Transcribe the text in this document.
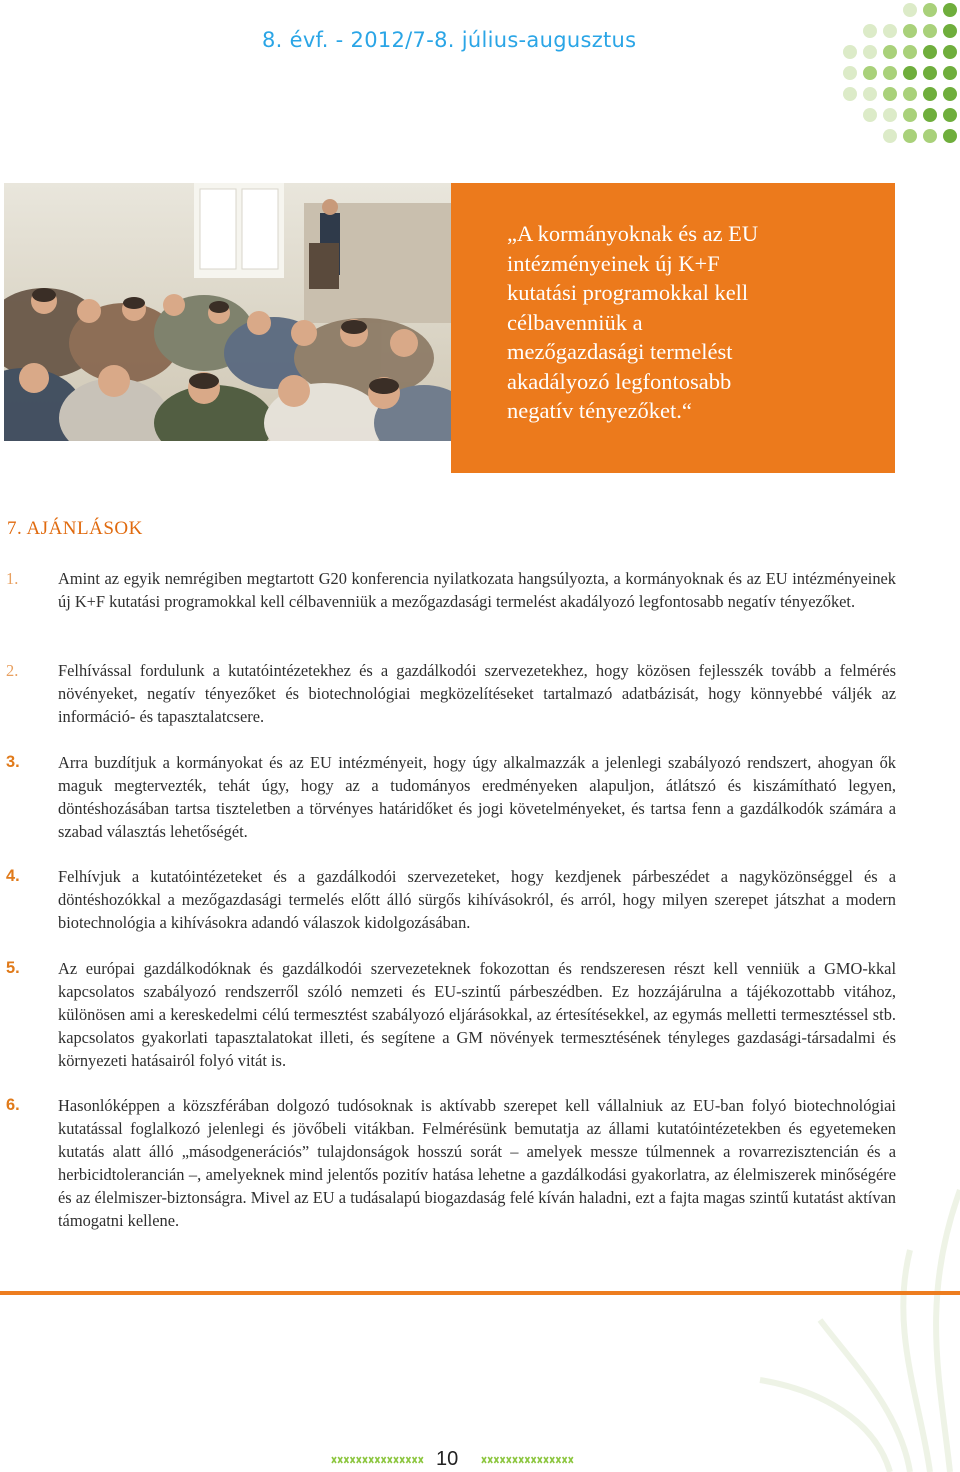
8. évf. - 2012/7-8. július-augusztus
„A kormányoknak és az EU
intézményeinek új K+F
kutatási programokkal kell
célbavenniük a
mezőgazdasági termelést
akadályozó legfontosabb
negatív tényezőket.“
7. AJÁNLÁSOK
1. Amint az egyik nemrégiben megtartott G20 konferencia nyilatkozata hangsúlyozta, a kormányoknak és az EU intézményeinek új K+F kutatási programokkal kell célbavenniük a mezőgazdasági termelést akadályozó legfontosabb negatív tényezőket.
2. Felhívással fordulunk a kutatóintézetekhez és a gazdálkodói szervezetekhez, hogy közösen fejlesszék tovább a felmérés növényeket, negatív tényezőket és biotechnológiai megközelítéseket tartalmazó adatbázisát, hogy könnyebbé váljék az információ- és tapasztalatcsere.
3. Arra buzdítjuk a kormányokat és az EU intézményeit, hogy úgy alkalmazzák a jelenlegi szabályozó rendszert, ahogyan ők maguk megtervezték, tehát úgy, hogy az a tudományos eredményeken alapuljon, átlátszó és kiszámítható legyen, döntéshozásában tartsa tiszteletben a törvényes határidőket és jogi követelményeket, és tartsa fenn a gazdálkodók számára a szabad választás lehetőségét.
4. Felhívjuk a kutatóintézeteket és a gazdálkodói szervezeteket, hogy kezdjenek párbeszédet a nagyközönséggel és a döntéshozókkal a mezőgazdasági termelés előtt álló sürgős kihívásokról, és arról, hogy milyen szerepet játszhat a modern biotechnológia a kihívásokra adandó válaszok kidolgozásában.
5. Az európai gazdálkodóknak és gazdálkodói szervezeteknek fokozottan és rendszeresen részt kell venniük a GMO-kkal kapcsolatos szabályozó rendszerről szóló nemzeti és EU-szintű párbeszédben. Ez hozzájárulna a tájékozottabb vitához, különösen ami a kereskedelmi célú termesztést szabályozó eljárásokkal, az értesítésekkel, az egymás melletti termesztéssel stb. kapcsolatos gyakorlati tapasztalatokat illeti, és segítene a GM növények termesztésének tényleges gazdasági-társadalmi és környezeti hatásairól folyó vitát is.
6. Hasonlóképpen a közszférában dolgozó tudósoknak is aktívabb szerepet kell vállalniuk az EU-ban folyó biotechnológiai kutatással foglalkozó jelenlegi és jövőbeli vitákban. Felmérésünk bemutatja az állami kutatóintézetekben és egyetemeken kutatás alatt álló „másodgenerációs” tulajdonságok hosszú sorát – amelyek messze túlmennek a rovarrezisztencián és a herbicidtolerancián –, amelyeknek mind jelentős pozitív hatása lehetne a gazdálkodási gyakorlatra, az élelmiszerek minőségére és az élelmiszer-biztonságra. Mivel az EU a tudásalapú biogazdaság felé kíván haladni, ezt a fajta magas szintű kutatást aktívan támogatni kellene.
10
